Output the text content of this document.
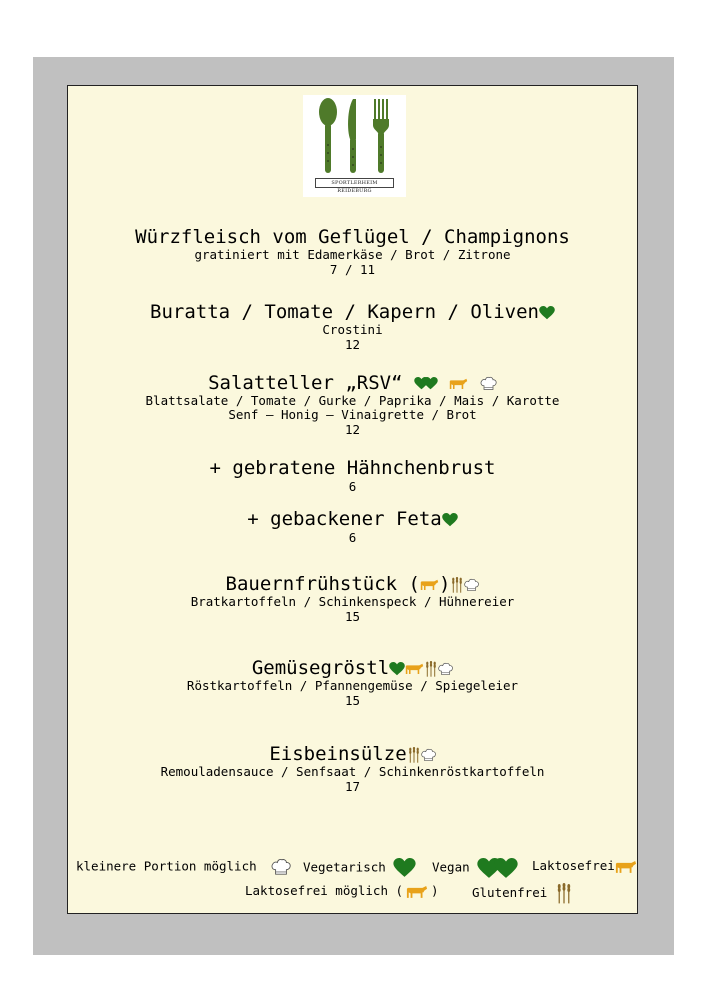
SPORTLERHEIM REIDEBURG
Würzfleisch vom Geflügel / Champignons
gratiniert mit Edamerkäse / Brot / Zitrone
7 / 11
Buratta / Tomate / Kapern / Oliven
Crostini
12
Salatteller „RSV“

Blattsalate / Tomate / Gurke / Paprika / Mais / Karotte
Senf – Honig – Vinaigrette / Brot
12
+ gebratene Hähnchenbrust
6
+ gebackener Feta
6
Bauernfrühstück ( )
Bratkartoffeln / Schinkenspeck / Hühnereier
15
Gemüsegröstl
Röstkartoffeln / Pfannengemüse / Spiegeleier
15
Eisbeinsülze
Remouladensauce / Senfsaat / Schinkenröstkartoffeln
17
kleinere Portion möglich	Vegetarisch	Vegan	Laktosefrei
Laktosefrei möglich ( )	Glutenfrei
